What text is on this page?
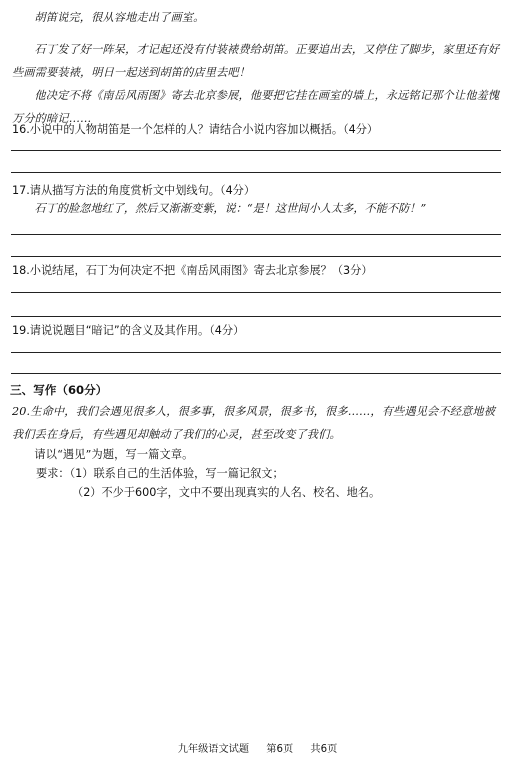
胡笛说完，很从容地走出了画室。
石丁发了好一阵呆，才记起还没有付装裱费给胡笛。正要追出去，又停住了脚步，家里还有好些画需要装裱，明日一起送到胡笛的店里去吧！
他决定不将《南岳风雨图》寄去北京参展，他要把它挂在画室的墙上，永远铭记那个让他羞愧万分的暗记……
16.小说中的人物胡笛是一个怎样的人？请结合小说内容加以概括。（4分）
17.请从描写方法的角度赏析文中划线句。（4分）
石丁的脸忽地红了，然后又渐渐变紫，说：“是！这世间小人太多，不能不防！”
18.小说结尾，石丁为何决定不把《南岳风雨图》寄去北京参展？（3分）
19.请说说题目“暗记”的含义及其作用。（4分）
三、写作（60分）
20.生命中，我们会遇见很多人，很多事，很多风景，很多书，很多……，有些遇见会不经意地被我们丢在身后，有些遇见却触动了我们的心灵，甚至改变了我们。
请以“遇见”为题，写一篇文章。
要求：（1）联系自己的生活体验，写一篇记叙文；
（2）不少于600字，文中不要出现真实的人名、校名、地名。
九年级语文试题 第6页 共6页
